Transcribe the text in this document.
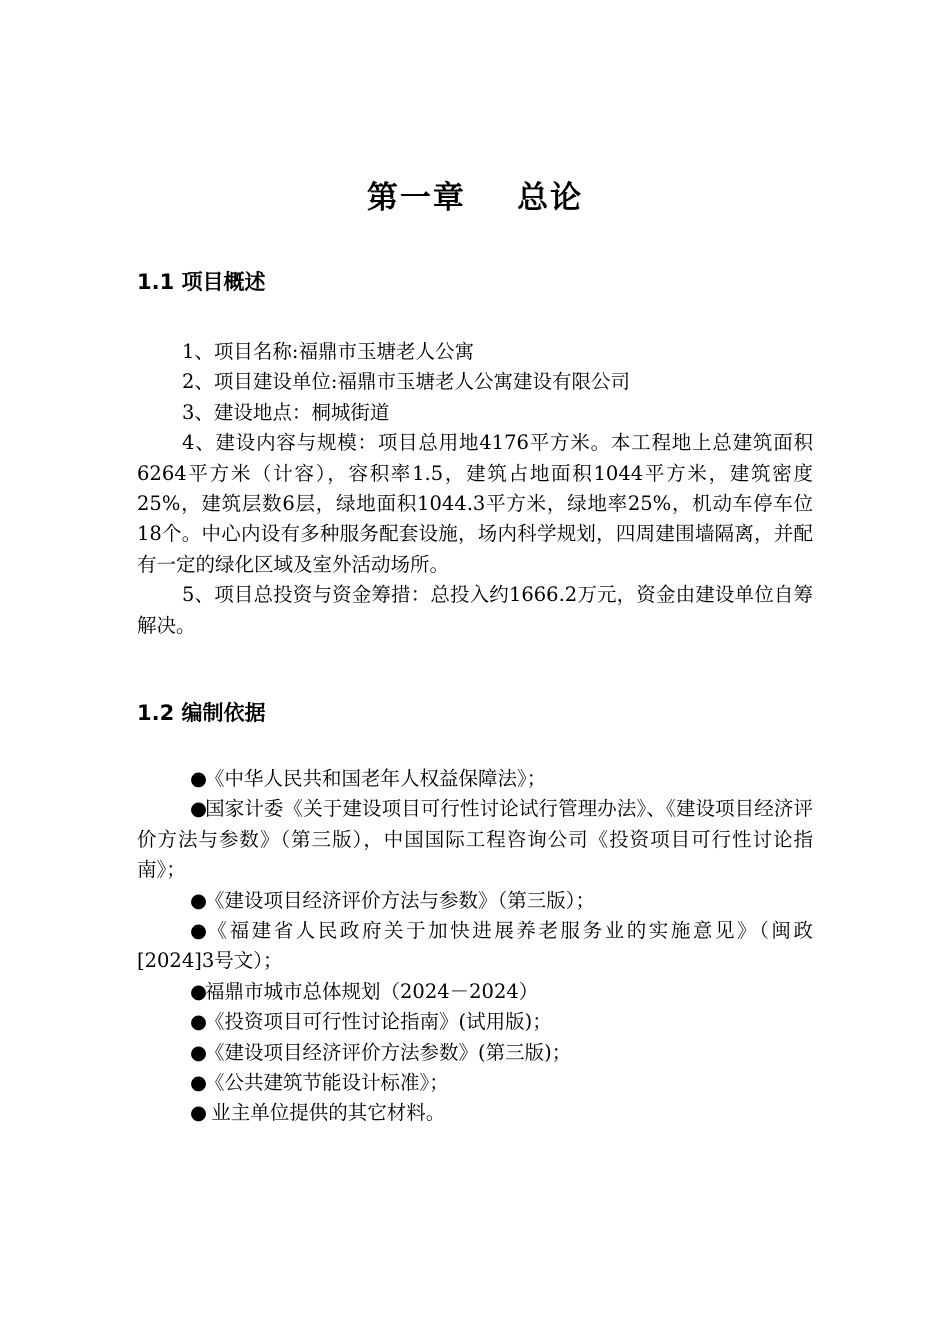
第一章    总论
1.1 项目概述

1、项目名称:福鼎市玉塘老人公寓

2、项目建设单位:福鼎市玉塘老人公寓建设有限公司

3、建设地点：桐城街道

4、建设内容与规模：项目总用地4176平方米。本工程地上总建筑面积6264平方米（计容），容积率1.5，建筑占地面积1044平方米，建筑密度25%，建筑层数6层，绿地面积1044.3平方米，绿地率25%，机动车停车位18个。中心内设有多种服务配套设施，场内科学规划，四周建围墙隔离，并配有一定的绿化区域及室外活动场所。

5、项目总投资与资金筹措：总投入约1666.2万元，资金由建设单位自筹解决。

1.2 编制依据

●《中华人民共和国老年人权益保障法》；

●国家计委《关于建设项目可行性讨论试行管理办法》、《建设项目经济评价方法与参数》（第三版），中国国际工程咨询公司《投资项目可行性讨论指南》；

●《建设项目经济评价方法与参数》（第三版）；

●《福建省人民政府关于加快进展养老服务业的实施意见》（闽政[2024]3号文）；

●福鼎市城市总体规划（2024－2024）

●《投资项目可行性讨论指南》(试用版)；

●《建设项目经济评价方法参数》(第三版)；

●《公共建筑节能设计标准》；

● 业主单位提供的其它材料。
